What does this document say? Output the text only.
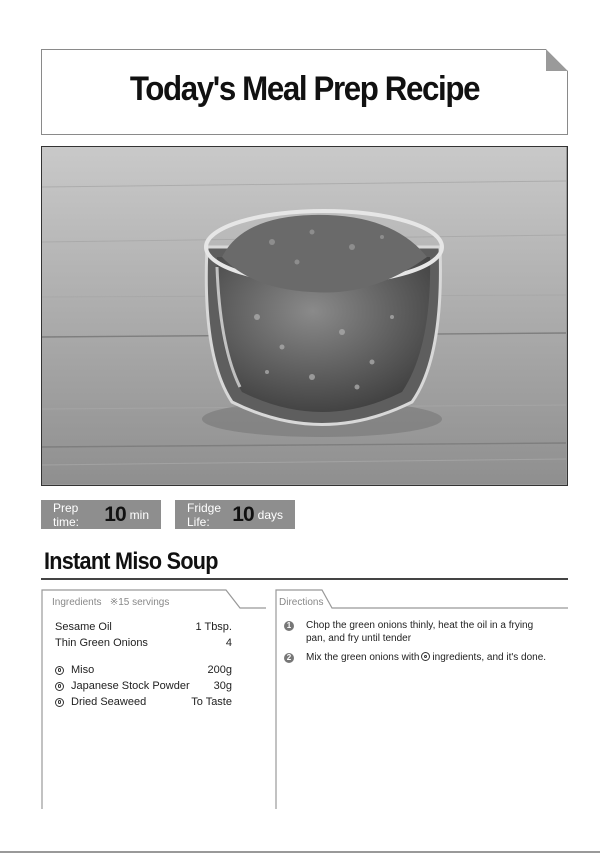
Today's Meal Prep Recipe
Prep time:	10 min	Fridge Life:	10 days
Instant Miso Soup
Ingredients ※15 servings
Sesame Oil	1 Tbsp.
Thin Green Onions	4
Miso	200g
Japanese Stock Powder 30g
Dried Seaweed	To Taste
Directions
1 Chop the green onions thinly, heat the oil in a frying pan, and fry until tender
2 Mix the green onions with ingredients, and it's done.
